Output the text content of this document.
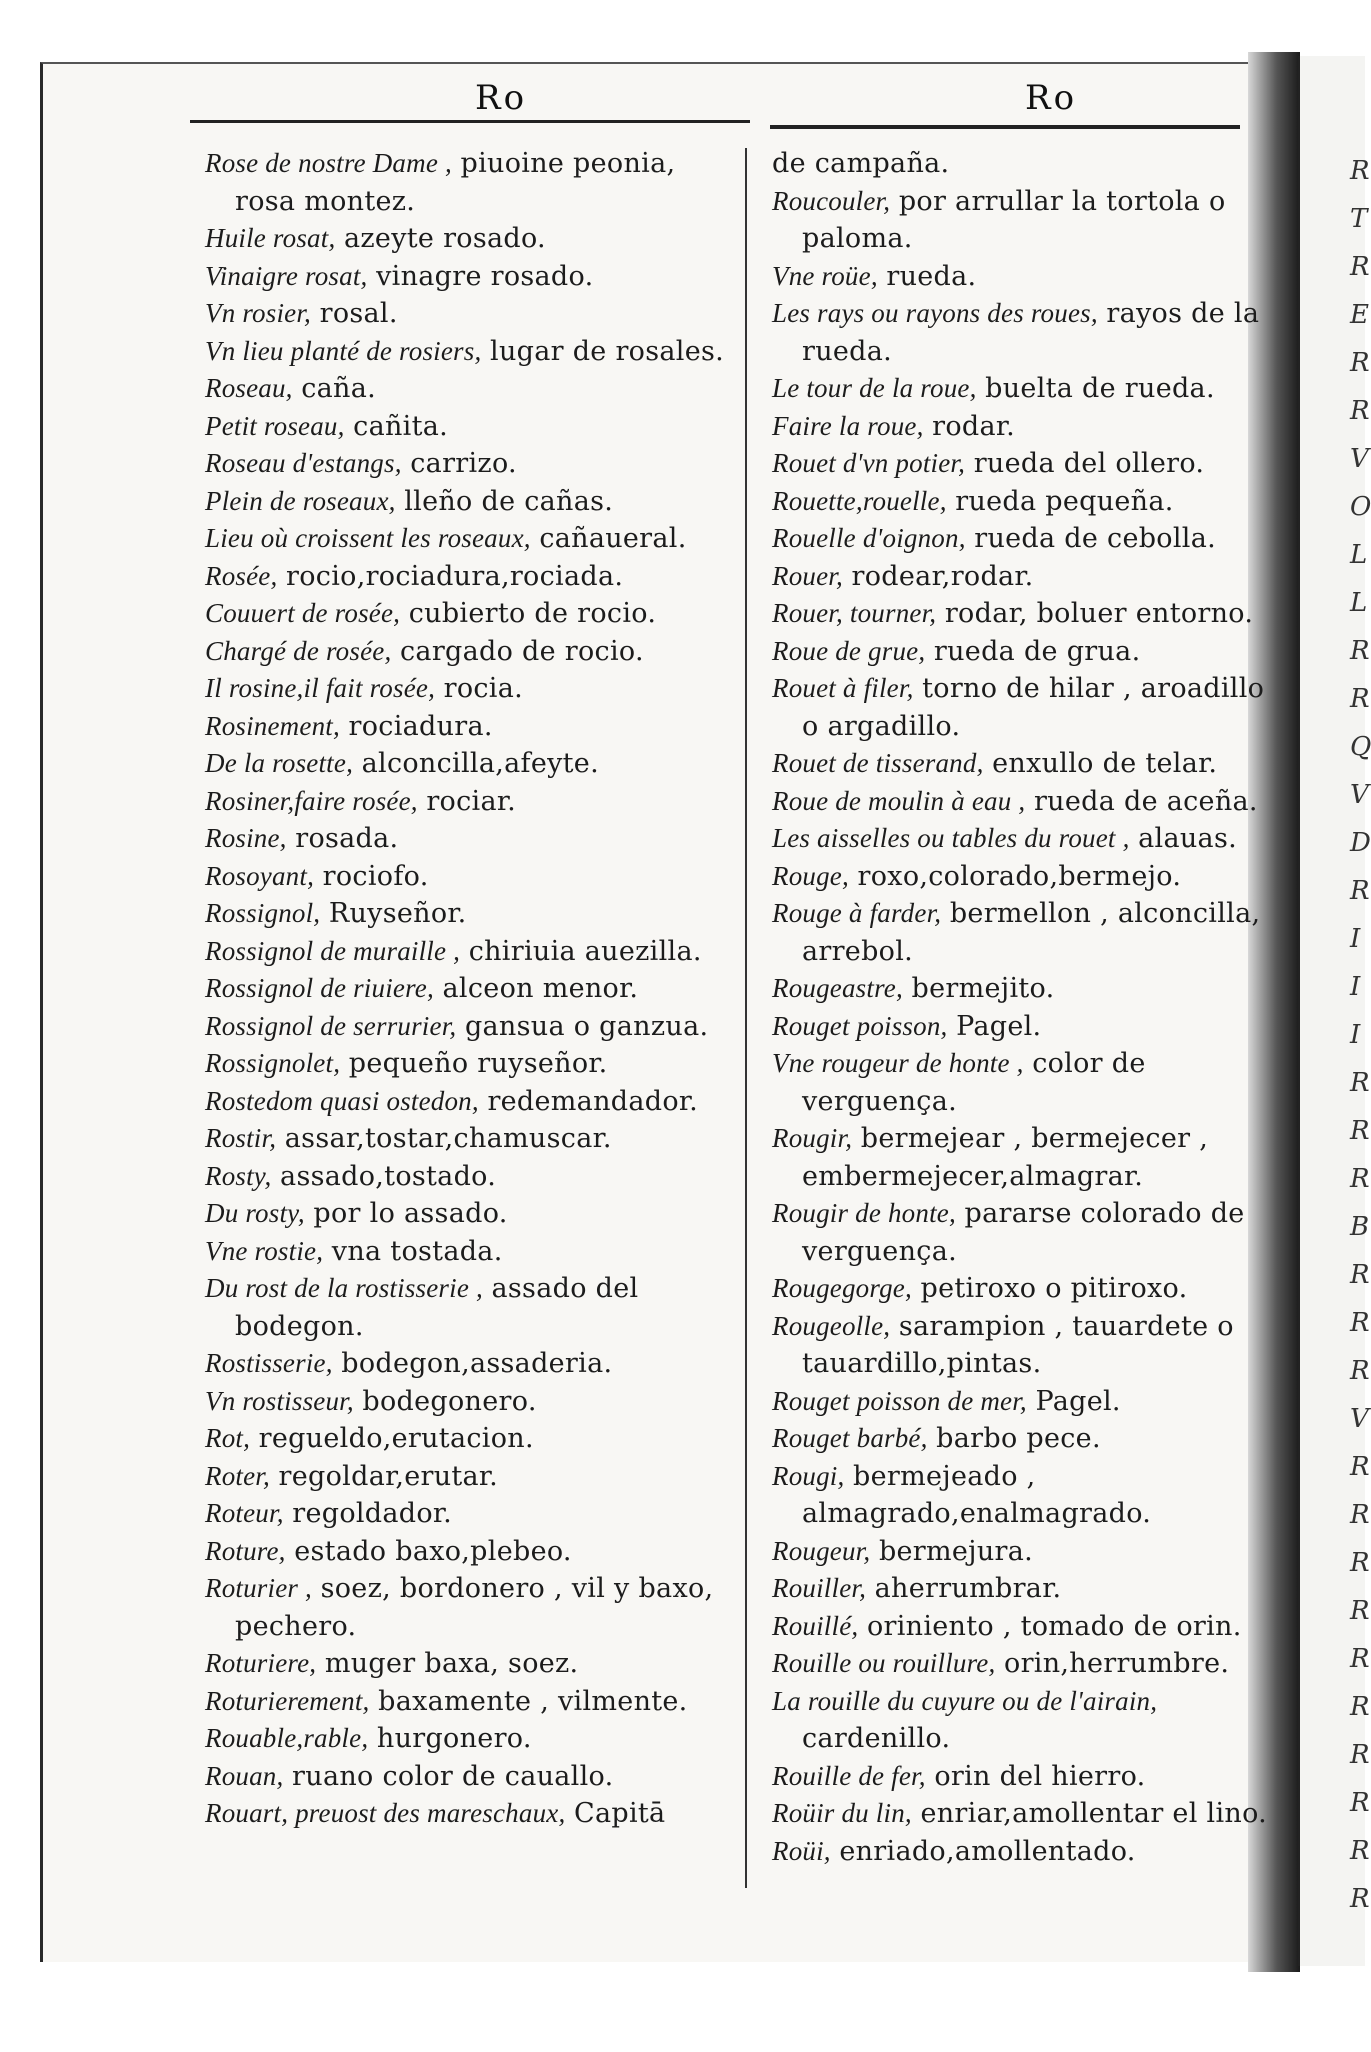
R
T
R
E
R
R
V
O
L
L
R
R
Q
V
D
R
I
I
I
R
R
R
B
R
R
R
V
R
R
R
R
R
R
R
R
R
R
Ro	Ro
Rose de nostre Dame , piuoine peonia, rosa montez.
Huile rosat, azeyte rosado.
Vinaigre rosat, vinagre rosado.
Vn rosier, rosal.
Vn lieu planté de rosiers, lugar de rosales.
Roseau, caña.
Petit roseau, cañita.
Roseau d'estangs, carrizo.
Plein de roseaux, lleño de cañas.
Lieu où croissent les roseaux, cañaueral.
Rosée, rocio,rociadura,rociada.
Couuert de rosée, cubierto de rocio.
Chargé de rosée, cargado de rocio.
Il rosine,il fait rosée, rocia.
Rosinement, rociadura.
De la rosette, alconcilla,afeyte.
Rosiner,faire rosée, rociar.
Rosine, rosada.
Rosoyant, rociofo.
Rossignol, Ruyseñor.
Rossignol de muraille , chiriuia auezilla.
Rossignol de riuiere, alceon menor.
Rossignol de serrurier, gansua o ganzua.
Rossignolet, pequeño ruyseñor.
Rostedom quasi ostedon, redemandador.
Rostir, assar,tostar,chamuscar.
Rosty, assado,tostado.
Du rosty, por lo assado.
Vne rostie, vna tostada.
Du rost de la rostisserie , assado del bodegon.
Rostisserie, bodegon,assaderia.
Vn rostisseur, bodegonero.
Rot, regueldo,erutacion.
Roter, regoldar,erutar.
Roteur, regoldador.
Roture, estado baxo,plebeo.
Roturier , soez, bordonero , vil y baxo, pechero.
Roturiere, muger baxa, soez.
Roturierement, baxamente , vilmente.
Rouable,rable, hurgonero.
Rouan, ruano color de cauallo.
Rouart, preuost des mareschaux, Capitā
de campaña.
Roucouler, por arrullar la tortola o paloma.
Vne roüe, rueda.
Les rays ou rayons des roues, rayos de la rueda.
Le tour de la roue, buelta de rueda.
Faire la roue, rodar.
Rouet d'vn potier, rueda del ollero.
Rouette,rouelle, rueda pequeña.
Rouelle d'oignon, rueda de cebolla.
Rouer, rodear,rodar.
Rouer, tourner, rodar, boluer entorno.
Roue de grue, rueda de grua.
Rouet à filer, torno de hilar , aroadillo o argadillo.
Rouet de tisserand, enxullo de telar.
Roue de moulin à eau , rueda de aceña.
Les aisselles ou tables du rouet , alauas.
Rouge, roxo,colorado,bermejo.
Rouge à farder, bermellon , alconcilla, arrebol.
Rougeastre, bermejito.
Rouget poisson, Pagel.
Vne rougeur de honte , color de verguença.
Rougir, bermejear , bermejecer , embermejecer,almagrar.
Rougir de honte, pararse colorado de verguença.
Rougegorge, petiroxo o pitiroxo.
Rougeolle, sarampion , tauardete o tauardillo,pintas.
Rouget poisson de mer, Pagel.
Rouget barbé, barbo pece.
Rougi, bermejeado , almagrado,enalmagrado.
Rougeur, bermejura.
Rouiller, aherrumbrar.
Rouillé, oriniento , tomado de orin.
Rouille ou rouillure, orin,herrumbre.
La rouille du cuyure ou de l'airain, cardenillo.
Rouille de fer, orin del hierro.
Roüir du lin, enriar,amollentar el lino.
Roüi, enriado,amollentado.
